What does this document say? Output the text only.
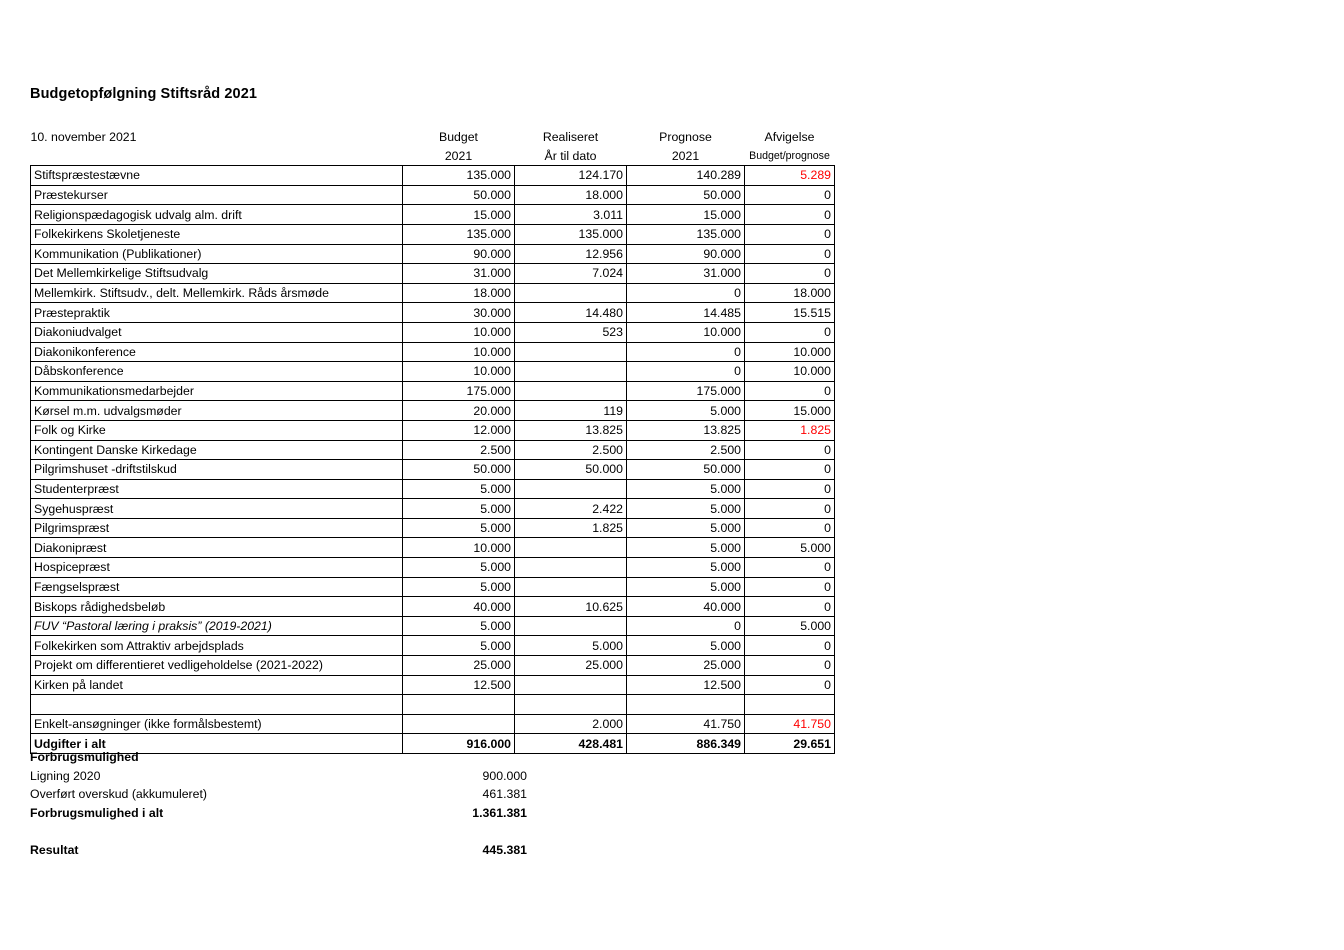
Budgetopfølgning Stiftsråd 2021
10. november 2021	Budget	Realiseret	Prognose	Afvigelse
	2021	År til dato	2021	Budget/prognose
Stiftspræstestævne	135.000	124.170	140.289	5.289
Præstekurser	50.000	18.000	50.000	0
Religionspædagogisk udvalg alm. drift	15.000	3.011	15.000	0
Folkekirkens Skoletjeneste	135.000	135.000	135.000	0
Kommunikation (Publikationer)	90.000	12.956	90.000	0
Det Mellemkirkelige Stiftsudvalg	31.000	7.024	31.000	0
Mellemkirk. Stiftsudv., delt. Mellemkirk. Råds årsmøde	18.000		0	18.000
Præstepraktik	30.000	14.480	14.485	15.515
Diakoniudvalget	10.000	523	10.000	0
Diakonikonference	10.000		0	10.000
Dåbskonference	10.000		0	10.000
Kommunikationsmedarbejder	175.000		175.000	0
Kørsel m.m. udvalgsmøder	20.000	119	5.000	15.000
Folk og Kirke	12.000	13.825	13.825	1.825
Kontingent Danske Kirkedage	2.500	2.500	2.500	0
Pilgrimshuset -driftstilskud	50.000	50.000	50.000	0
Studenterpræst	5.000		5.000	0
Sygehuspræst	5.000	2.422	5.000	0
Pilgrimspræst	5.000	1.825	5.000	0
Diakonipræst	10.000		5.000	5.000
Hospicepræst	5.000		5.000	0
Fængselspræst	5.000		5.000	0
Biskops rådighedsbeløb	40.000	10.625	40.000	0
FUV “Pastoral læring i praksis” (2019-2021)	5.000		0	5.000
Folkekirken som Attraktiv arbejdsplads	5.000	5.000	5.000	0
Projekt om differentieret vedligeholdelse (2021-2022)	25.000	25.000	25.000	0
Kirken på landet	12.500		12.500	0

Enkelt-ansøgninger (ikke formålsbestemt)		2.000	41.750	41.750
Udgifter i alt	916.000	428.481	886.349	29.651
Forbrugsmulighed	
Ligning 2020	900.000
Overført overskud (akkumuleret)	461.381
Forbrugsmulighed i alt	1.361.381

Resultat	445.381
